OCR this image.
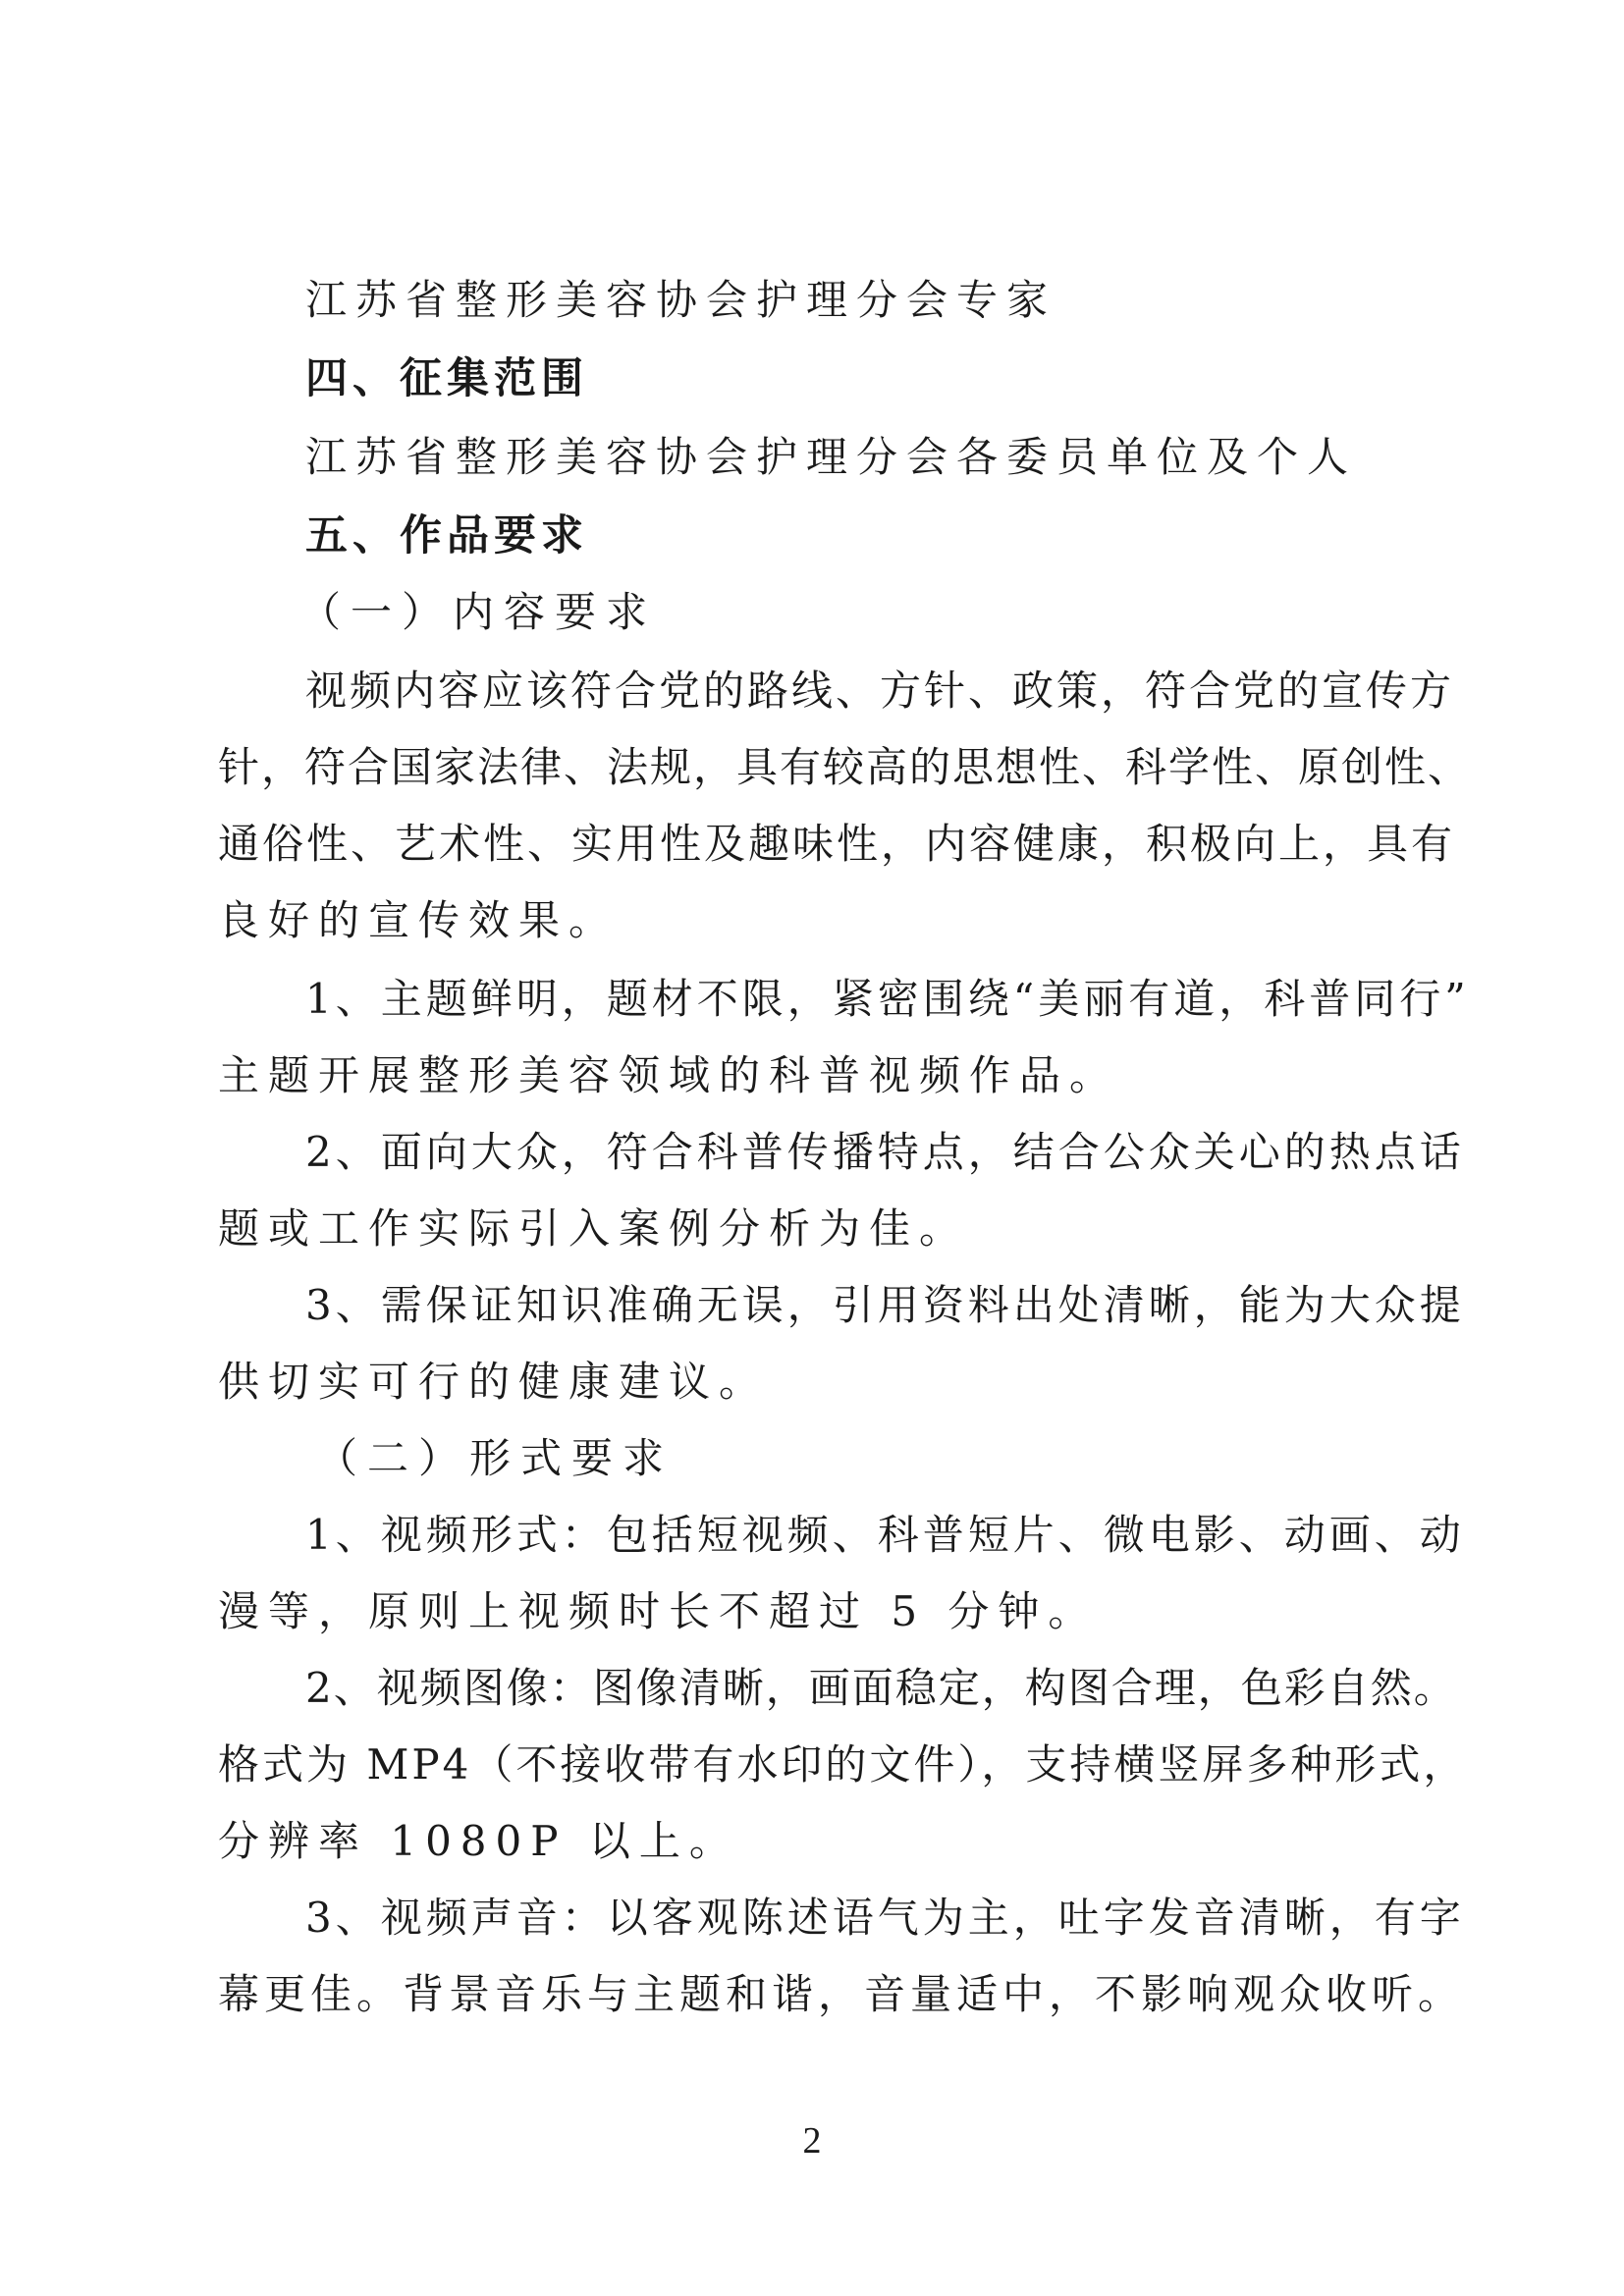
江苏省整形美容协会护理分会专家
四、征集范围
江苏省整形美容协会护理分会各委员单位及个人
五、作品要求
（一）内容要求
视频内容应该符合党的路线、方针、政策，符合党的宣传方
针，符合国家法律、法规，具有较高的思想性、科学性、原创性、
通俗性、艺术性、实用性及趣味性，内容健康，积极向上，具有
良好的宣传效果。
1、主题鲜明，题材不限，紧密围绕“美丽有道，科普同行”
主题开展整形美容领域的科普视频作品。
2、面向大众，符合科普传播特点，结合公众关心的热点话
题或工作实际引入案例分析为佳。
3、需保证知识准确无误，引用资料出处清晰，能为大众提
供切实可行的健康建议。
（二）形式要求
1、视频形式：包括短视频、科普短片、微电影、动画、动
漫等，原则上视频时长不超过 5 分钟。
2、视频图像：图像清晰，画面稳定，构图合理，色彩自然。
格式为 MP4（不接收带有水印的文件），支持横竖屏多种形式，
分辨率 1080P 以上。
3、视频声音：以客观陈述语气为主，吐字发音清晰，有字
幕更佳。背景音乐与主题和谐，音量适中，不影响观众收听。
2
